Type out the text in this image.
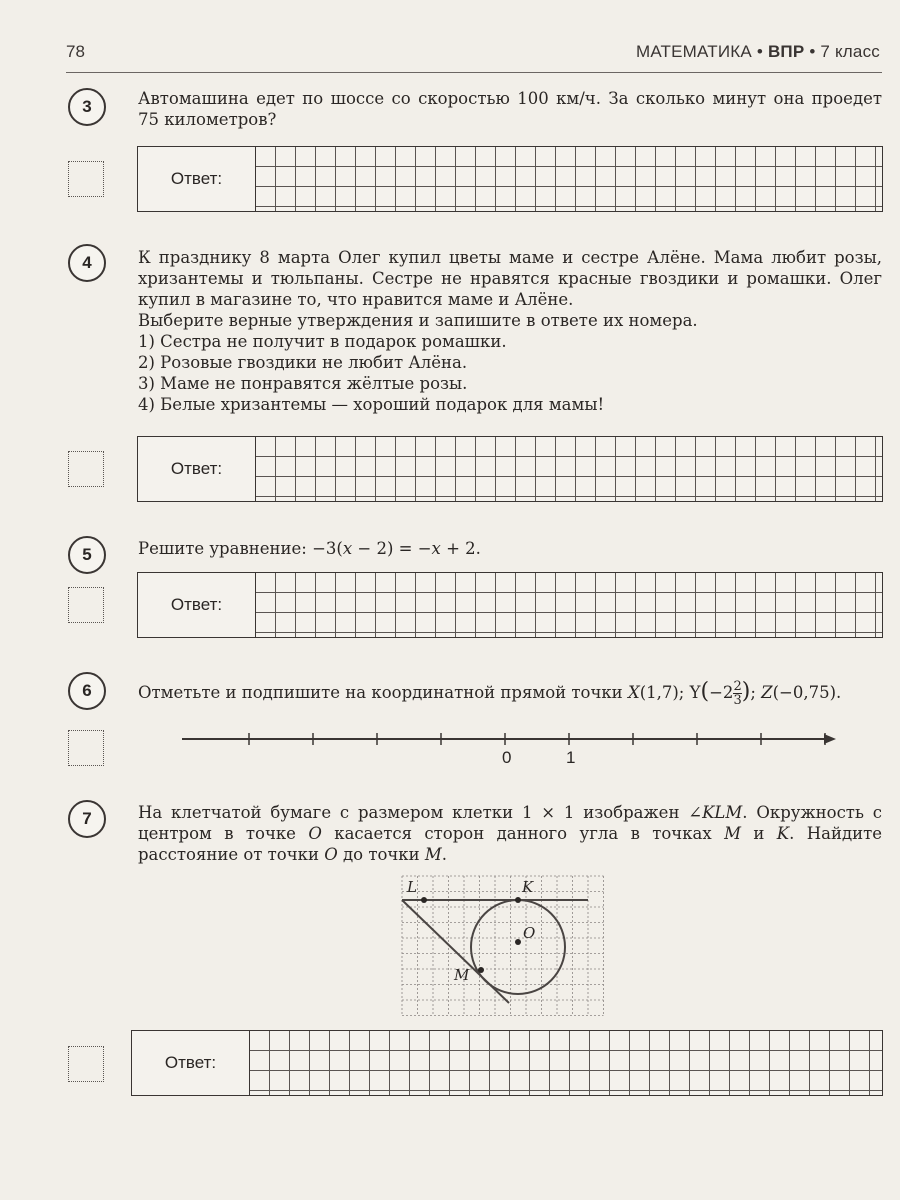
78	МАТЕМАТИКА • ВПР • 7 класс
3	Автомашина едет по шоссе со скоростью 100 км/ч. За сколько минут она проедет 75 километров?
Ответ:
4	К празднику 8 марта Олег купил цветы маме и сестре Алёне. Мама любит розы, хризантемы и тюльпаны. Сестре не нравятся красные гвоздики и ромашки. Олег купил в магазине то, что нравится маме и Алёне.

Выберите верные утверждения и запишите в ответе их номера.

1) Сестра не получит в подарок ромашки.

2) Розовые гвоздики не любит Алёна.

3) Маме не понравятся жёлтые розы.

4) Белые хризантемы — хороший подарок для мамы!

Ответ:
5	Решите уравнение: −3(x − 2) = −x + 2.
Ответ:
6	Отметьте и подпишите на координатной прямой точки X(1,7); $Y(-2 \frac{2}{3}$ ); Z(−0,75).
0	1
7	На клетчатой бумаге с размером клетки 1 × 1 изображен ∠KLM. Окружность с центром в точке O касается сторон данного угла в точках M и K. Найдите расстояние от точки O до точки M.
L	K
O
M
Ответ:
